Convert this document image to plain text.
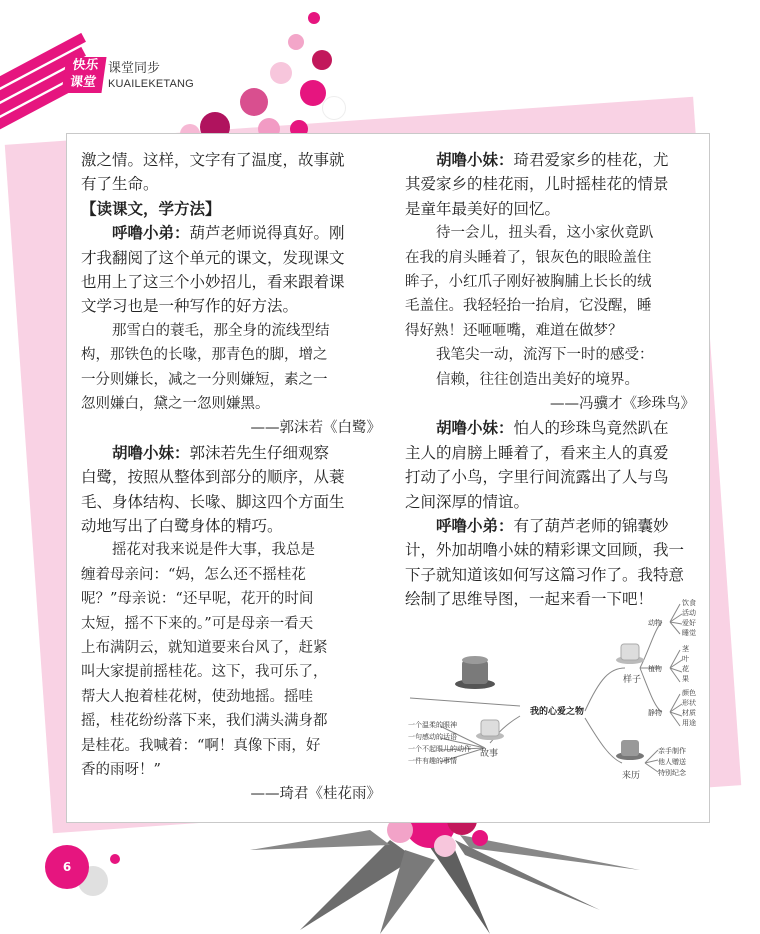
快乐
课堂
课堂同步
KUAILEKETANG
激之情。这样，文字有了温度，故事就
有了生命。
【读课文，学方法】
呼噜小弟：葫芦老师说得真好。刚
才我翻阅了这个单元的课文，发现课文
也用上了这三个小妙招儿，看来跟着课
文学习也是一种写作的好方法。
那雪白的蓑毛，那全身的流线型结
构，那铁色的长喙，那青色的脚，增之
一分则嫌长，减之一分则嫌短，素之一
忽则嫌白，黛之一忽则嫌黑。
——郭沫若《白鹭》
胡噜小妹：郭沫若先生仔细观察
白鹭，按照从整体到部分的顺序，从蓑
毛、身体结构、长喙、脚这四个方面生
动地写出了白鹭身体的精巧。
摇花对我来说是件大事，我总是
缠着母亲问：“妈，怎么还不摇桂花
呢？”母亲说：“还早呢，花开的时间
太短，摇不下来的。”可是母亲一看天
上布满阴云，就知道要来台风了，赶紧
叫大家提前摇桂花。这下，我可乐了，
帮大人抱着桂花树，使劲地摇。摇哇
摇，桂花纷纷落下来，我们满头满身都
是桂花。我喊着：“啊！真像下雨，好
香的雨呀！”
——琦君《桂花雨》
胡噜小妹：琦君爱家乡的桂花，尤
其爱家乡的桂花雨，儿时摇桂花的情景
是童年最美好的回忆。
待一会儿，扭头看，这小家伙竟趴
在我的肩头睡着了，银灰色的眼睑盖住
眸子，小红爪子刚好被胸脯上长长的绒
毛盖住。我轻轻抬一抬肩，它没醒，睡
得好熟！还咂咂嘴，难道在做梦？
我笔尖一动，流泻下一时的感受：
信赖，往往创造出美好的境界。
——冯骥才《珍珠鸟》
胡噜小妹：怕人的珍珠鸟竟然趴在
主人的肩膀上睡着了，看来主人的真爱
打动了小鸟，字里行间流露出了人与鸟
之间深厚的情谊。
呼噜小弟：有了葫芦老师的锦囊妙
计，外加胡噜小妹的精彩课文回顾，我一
下子就知道该如何写这篇习作了。我特意
绘制了思维导图，一起来看一下吧！
我的心爱之物
样子
故事
来历
动物
植物
静物
饮食
活动
爱好
睡觉
茎
叶
花
果
颜色
形状
材质
用途
一个温柔的眼神
一句感动的话语
一个不起眼儿的动作
一件有趣的事情
亲手制作
他人赠送
特别纪念
6
